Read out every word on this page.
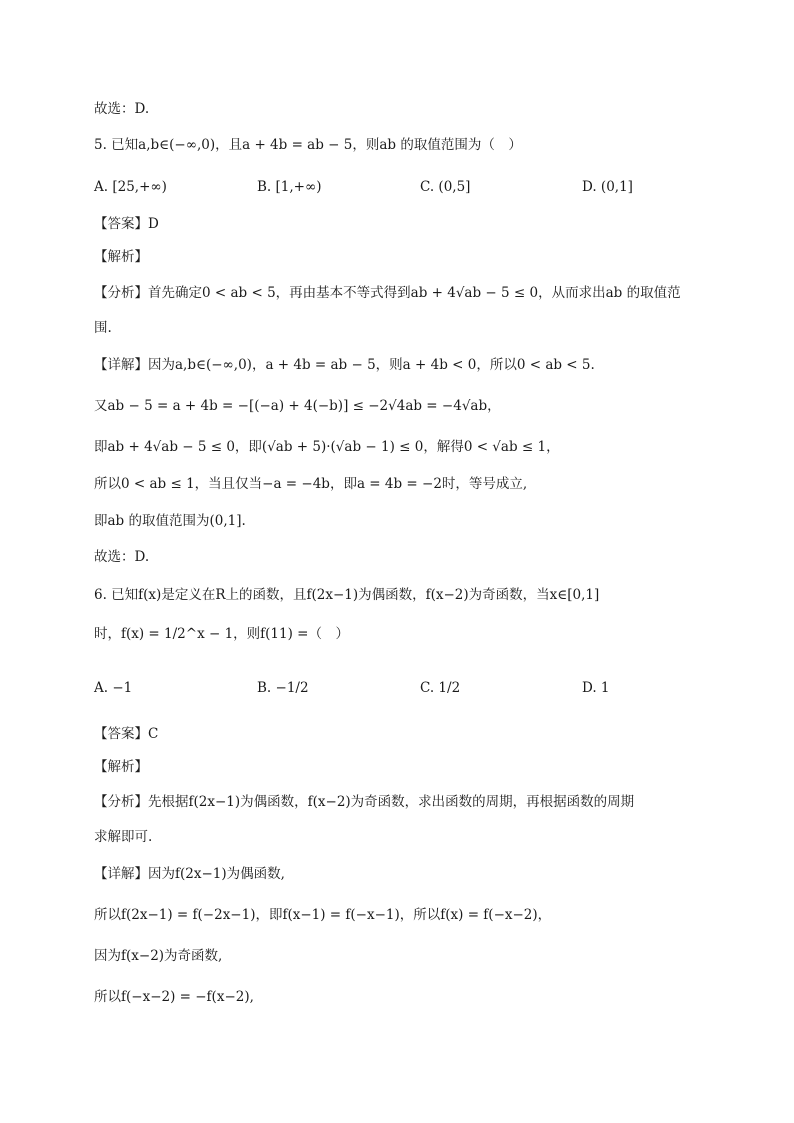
故选：D.
5. 已知a,b∈(−∞,0)，且a + 4b = ab − 5，则ab 的取值范围为（　）
A. [25,+∞)	B. [1,+∞)	C. (0,5]	D. (0,1]
【答案】D
【解析】
【分析】首先确定0 < ab < 5，再由基本不等式得到ab + 4√ab − 5 ≤ 0，从而求出ab 的取值范
围.
【详解】因为a,b∈(−∞,0)，a + 4b = ab − 5，则a + 4b < 0，所以0 < ab < 5.
又ab − 5 = a + 4b = −[(−a) + 4(−b)] ≤ −2√4ab = −4√ab，
即ab + 4√ab − 5 ≤ 0，即(√ab + 5)·(√ab − 1) ≤ 0，解得0 < √ab ≤ 1，
所以0 < ab ≤ 1，当且仅当−a = −4b，即a = 4b = −2时，等号成立,
即ab 的取值范围为(0,1].
故选：D.
6. 已知f(x)是定义在R上的函数，且f(2x−1)为偶函数，f(x−2)为奇函数，当x∈[0,1]
时，f(x) = 1/2^x − 1，则f(11) =（　）
A. −1	B. −1/2	C. 1/2	D. 1
【答案】C
【解析】
【分析】先根据f(2x−1)为偶函数，f(x−2)为奇函数，求出函数的周期，再根据函数的周期
求解即可.
【详解】因为f(2x−1)为偶函数,
所以f(2x−1) = f(−2x−1)，即f(x−1) = f(−x−1)，所以f(x) = f(−x−2)，
因为f(x−2)为奇函数,
所以f(−x−2) = −f(x−2),
